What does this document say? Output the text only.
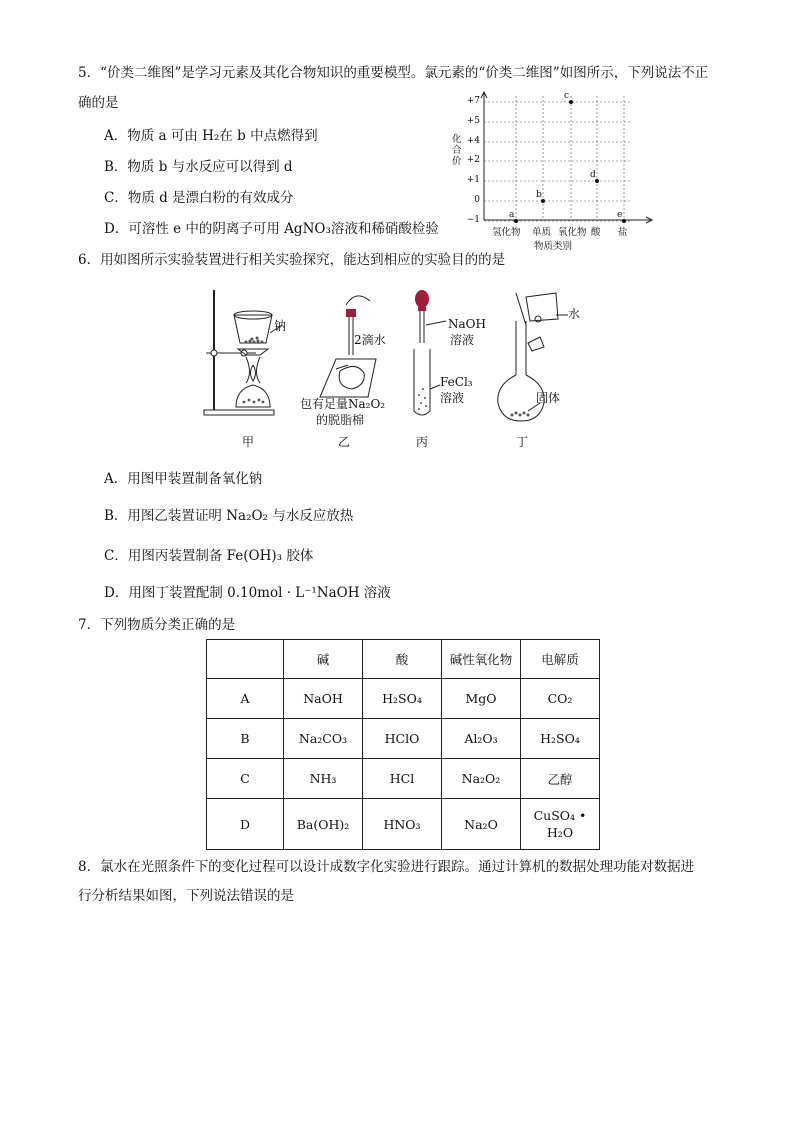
5．“价类二维图”是学习元素及其化合物知识的重要模型。氯元素的“价类二维图”如图所示，下列说法不正
确的是
A．物质 a 可由 H₂在 b 中点燃得到
B．物质 b 与水反应可以得到 d
C．物质 d 是漂白粉的有效成分
D．可溶性 e 中的阴离子可用 AgNO₃溶液和稀硝酸检验
a
b
c
d
e
化合价
+7
+5
+4
+2
+1
0
−1
氢化物 单质 氧化物 酸 盐
物质类别
6．用如图所示实验装置进行相关实验探究，能达到相应的实验目的的是
钠
2滴水
包有足量Na₂O₂
的脱脂棉
NaOH
溶液
FeCl₃
溶液
水
固体
甲	乙	丙	丁
A．用图甲装置制备氧化钠
B．用图乙装置证明 Na₂O₂ 与水反应放热
C．用图丙装置制备 Fe(OH)₃ 胶体
D．用图丁装置配制 0.10mol · L⁻¹NaOH 溶液
7．下列物质分类正确的是
	碱	酸	碱性氧化物	电解质
A	NaOH	H₂SO₄	MgO	CO₂
B	Na₂CO₃	HClO	Al₂O₃	H₂SO₄
C	NH₃	HCl	Na₂O₂	乙醇
D	Ba(OH)₂	HNO₃	Na₂O	CuSO₄ • H₂O
8．氯水在光照条件下的变化过程可以设计成数字化实验进行跟踪。通过计算机的数据处理功能对数据进
行分析结果如图，下列说法错误的是
